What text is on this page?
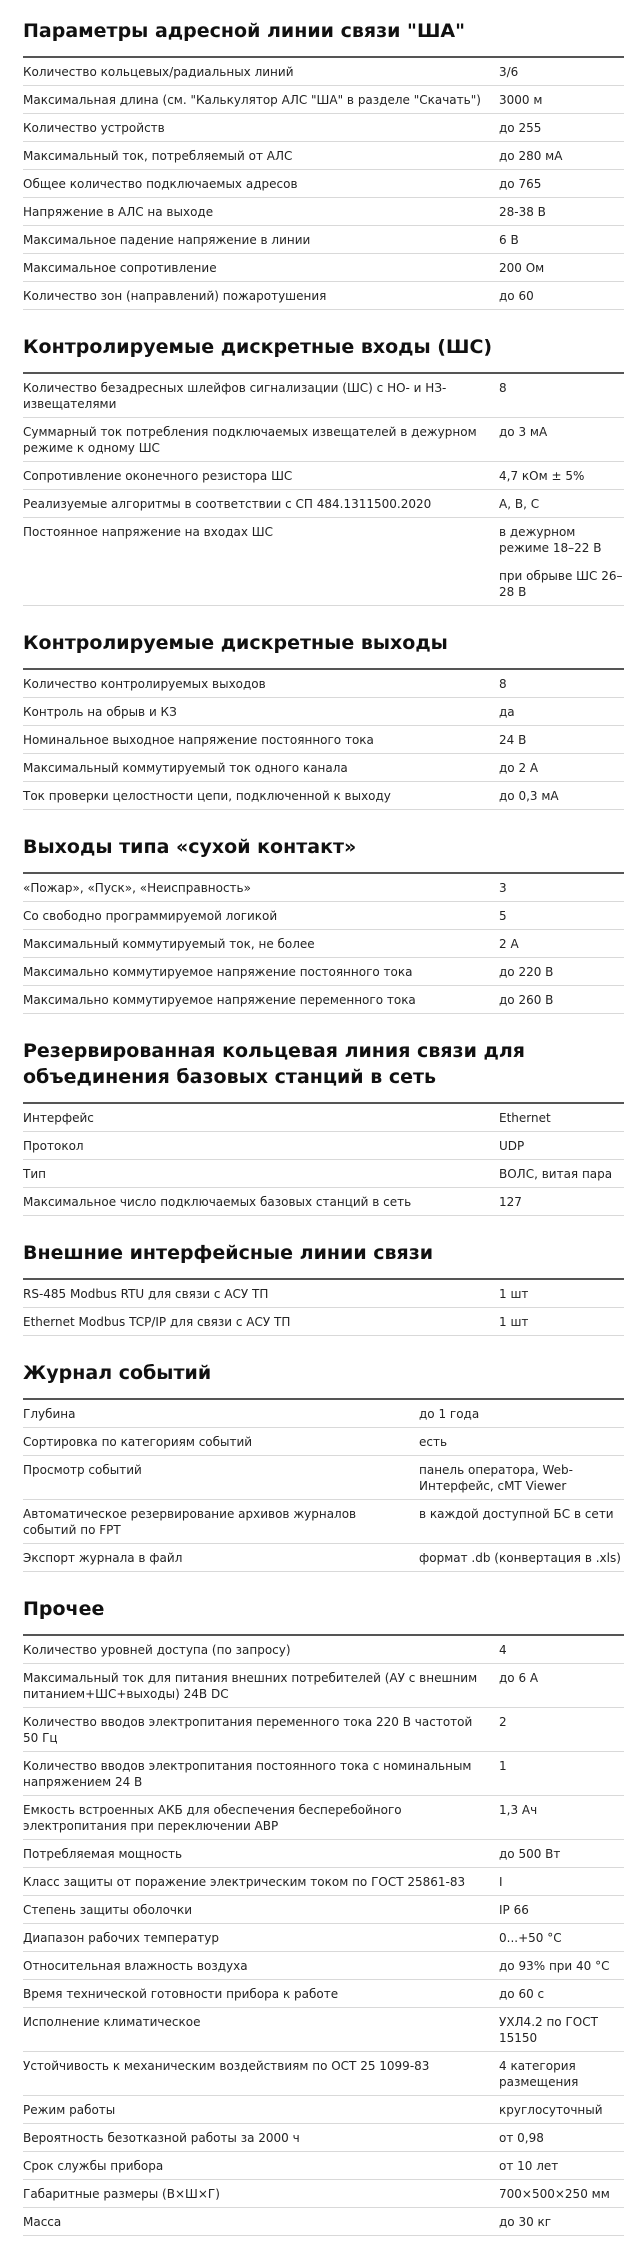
Параметры адресной линии связи "ША"
Количество кольцевых/радиальных линий	3/6

Максимальная длина (см. "Калькулятор АЛС "ША" в разделе "Скачать")	3000 м

Количество устройств	до 255

Максимальный ток, потребляемый от АЛС	до 280 мА

Общее количество подключаемых адресов	до 765

Напряжение в АЛС на выходе	28-38 В

Максимальное падение напряжение в линии	6 В

Максимальное сопротивление	200 Ом

Количество зон (направлений) пожаротушения	до 60
Контролируемые дискретные входы (ШС)
Количество безадресных шлейфов сигнализации (ШС) с НО- и НЗ-извещателями	8

Суммарный ток потребления подключаемых извещателей в дежурном режиме к одному ШС	до 3 мА

Сопротивление оконечного резистора ШС	4,7 кОм ± 5%

Реализуемые алгоритмы в соответствии с СП 484.1311500.2020	А, В, С

Постоянное напряжение на входах ШС	в дежурном режиме 18–22 В
при обрыве ШС 26–28 В
Контролируемые дискретные выходы
Количество контролируемых выходов	8

Контроль на обрыв и КЗ	да

Номинальное выходное напряжение постоянного тока	24 В

Максимальный коммутируемый ток одного канала	до 2 А

Ток проверки целостности цепи, подключенной к выходу	до 0,3 мА
Выходы типа «сухой контакт»
«Пожар», «Пуск», «Неисправность»	3

Со свободно программируемой логикой	5

Максимальный коммутируемый ток, не более	2 А

Максимально коммутируемое напряжение постоянного тока	до 220 В

Максимально коммутируемое напряжение переменного тока	до 260 В
Резервированная кольцевая линия связи для объединения базовых станций в сеть
Интерфейс	Ethernet

Протокол	UDP

Тип	ВОЛС, витая пара

Максимальное число подключаемых базовых станций в сеть	127
Внешние интерфейсные линии связи
RS-485 Modbus RTU для связи с АСУ ТП	1 шт

Ethernet Modbus TCP/IP для связи с АСУ ТП	1 шт
Журнал событий
Глубина	до 1 года

Сортировка по категориям событий	есть

Просмотр событий	панель оператора, Web-Интерфейс, cMT Viewer

Автоматическое резервирование архивов журналов событий по FPT	в каждой доступной БС в сети

Экспорт журнала в файл	формат .db (конвертация в .xls)
Прочее
Количество уровней доступа (по запросу)	4

Максимальный ток для питания внешних потребителей (АУ с внешним питанием+ШС+выходы) 24В DC	до 6 А

Количество вводов электропитания переменного тока 220 В частотой 50 Гц	2

Количество вводов электропитания постоянного тока с номинальным напряжением 24 В	1

Емкость встроенных АКБ для обеспечения бесперебойного электропитания при переключении АВР	1,3 Ач

Потребляемая мощность	до 500 Вт

Класс защиты от поражение электрическим током по ГОСТ 25861-83	I

Степень защиты оболочки	IP 66

Диапазон рабочих температур	0...+50 °С

Относительная влажность воздуха	до 93% при 40 °С

Время технической готовности прибора к работе	до 60 с

Исполнение климатическое	УХЛ4.2 по ГОСТ 15150

Устойчивость к механическим воздействиям по ОСТ 25 1099-83	4 категория размещения

Режим работы	круглосуточный

Вероятность безотказной работы за 2000 ч	от 0,98

Срок службы прибора	от 10 лет

Габаритные размеры (В×Ш×Г)	700×500×250 мм

Масса	до 30 кг
